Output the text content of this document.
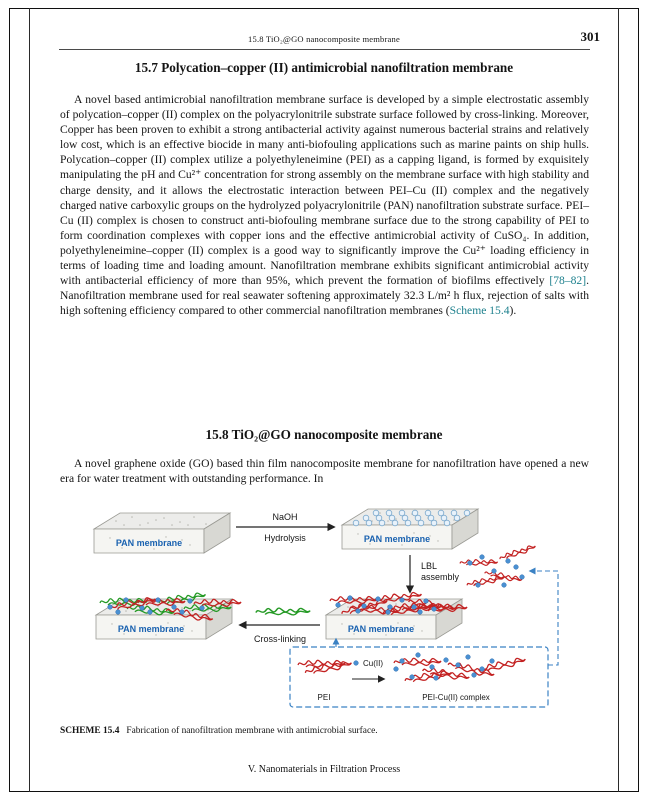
15.8 TiO₂@GO nanocomposite membrane	301
15.7 Polycation–copper (II) antimicrobial nanofiltration membrane

A novel based antimicrobial nanofiltration membrane surface is developed by a simple electrostatic assembly of polycation–copper (II) complex on the polyacrylonitrile substrate surface followed by cross-linking. Moreover, Copper has been proven to exhibit a strong antibacterial activity against numerous bacterial strains and relatively low cost, which is an effective biocide in many anti-biofouling applications such as marine paints on ship hulls. Polycation–copper (II) complex utilize a polyethyleneimine (PEI) as a capping ligand, is formed by exquisitely manipulating the pH and Cu²⁺ concentration for strong assembly on the membrane surface with high stability and charge density, and it allows the electrostatic interaction between PEI–Cu (II) complex and the negatively charged native carboxylic groups on the hydrolyzed polyacrylonitrile (PAN) nanofiltration substrate surface. PEI–Cu (II) complex is chosen to construct anti-biofouling membrane surface due to the strong capability of PEI to form coordination complexes with copper ions and the effective antimicrobial activity of CuSO₄. In addition, polyethyleneimine–copper (II) complex is a good way to significantly improve the Cu²⁺ loading efficiency in terms of loading time and loading amount. Nanofiltration membrane exhibits significant antimicrobial activity with antibacterial efficiency of more than 95%, which prevent the formation of biofilms effectively [78–82]. Nanofiltration membrane used for real seawater softening approximately 32.3 L/m² h flux, rejection of salts with high softening efficiency compared to other commercial nanofiltration membranes (Scheme 15.4).

15.8 TiO₂@GO nanocomposite membrane

A novel graphene oxide (GO) based thin film nanocomposite membrane for nanofiltration have opened a new era for water treatment with outstanding performance. In

PAN membrane
NaOH
Hydrolysis	PAN membrane
LBL
assembly
PAN membrane
Cross-linking
PAN membrane
PEI
Cu(II)
PEI-Cu(II) complex

SCHEME 15.4 Fabrication of nanofiltration membrane with antimicrobial surface.

V. Nanomaterials in Filtration Process
